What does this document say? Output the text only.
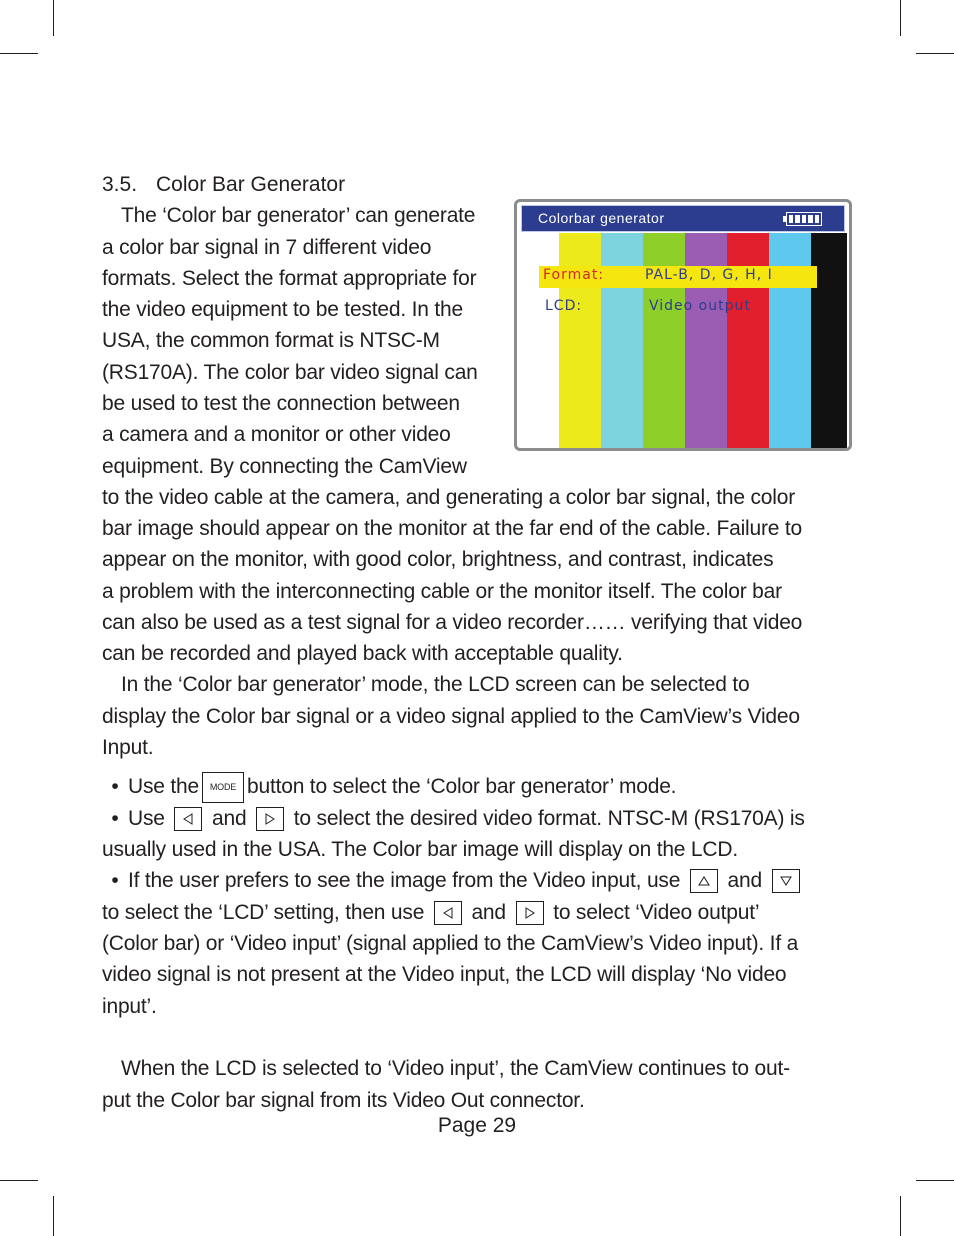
3.5. Color Bar Generator
The ‘Color bar generator’ can generate
a color bar signal in 7 different video
formats. Select the format appropriate for
the video equipment to be tested. In the
USA, the common format is NTSC-M
(RS170A). The color bar video signal can
be used to test the connection between
a camera and a monitor or other video
equipment. By connecting the CamView
to the video cable at the camera, and generating a color bar signal, the color
bar image should appear on the monitor at the far end of the cable. Failure to
appear on the monitor, with good color, brightness, and contrast, indicates
a problem with the interconnecting cable or the monitor itself. The color bar
can also be used as a test signal for a video recorder…… verifying that video
can be recorded and played back with acceptable quality.
In the ‘Color bar generator’ mode, the LCD screen can be selected to
display the Color bar signal or a video signal applied to the CamView’s Video
Input.
• Use the MODE button to select the ‘Color bar generator’ mode.
• Use and to select the desired video format. NTSC-M (RS170A) is
usually used in the USA. The Color bar image will display on the LCD.
• If the user prefers to see the image from the Video input, use and
to select the ‘LCD’ setting, then use and to select ‘Video output’
(Color bar) or ‘Video input’ (signal applied to the CamView’s Video input). If a
video signal is not present at the Video input, the LCD will display ‘No video
input’.
When the LCD is selected to ‘Video input’, the CamView continues to out-
put the Color bar signal from its Video Out connector.
Page 29
Colorbar generator
Format:	PAL-B, D, G, H, I
LCD:	Video output
